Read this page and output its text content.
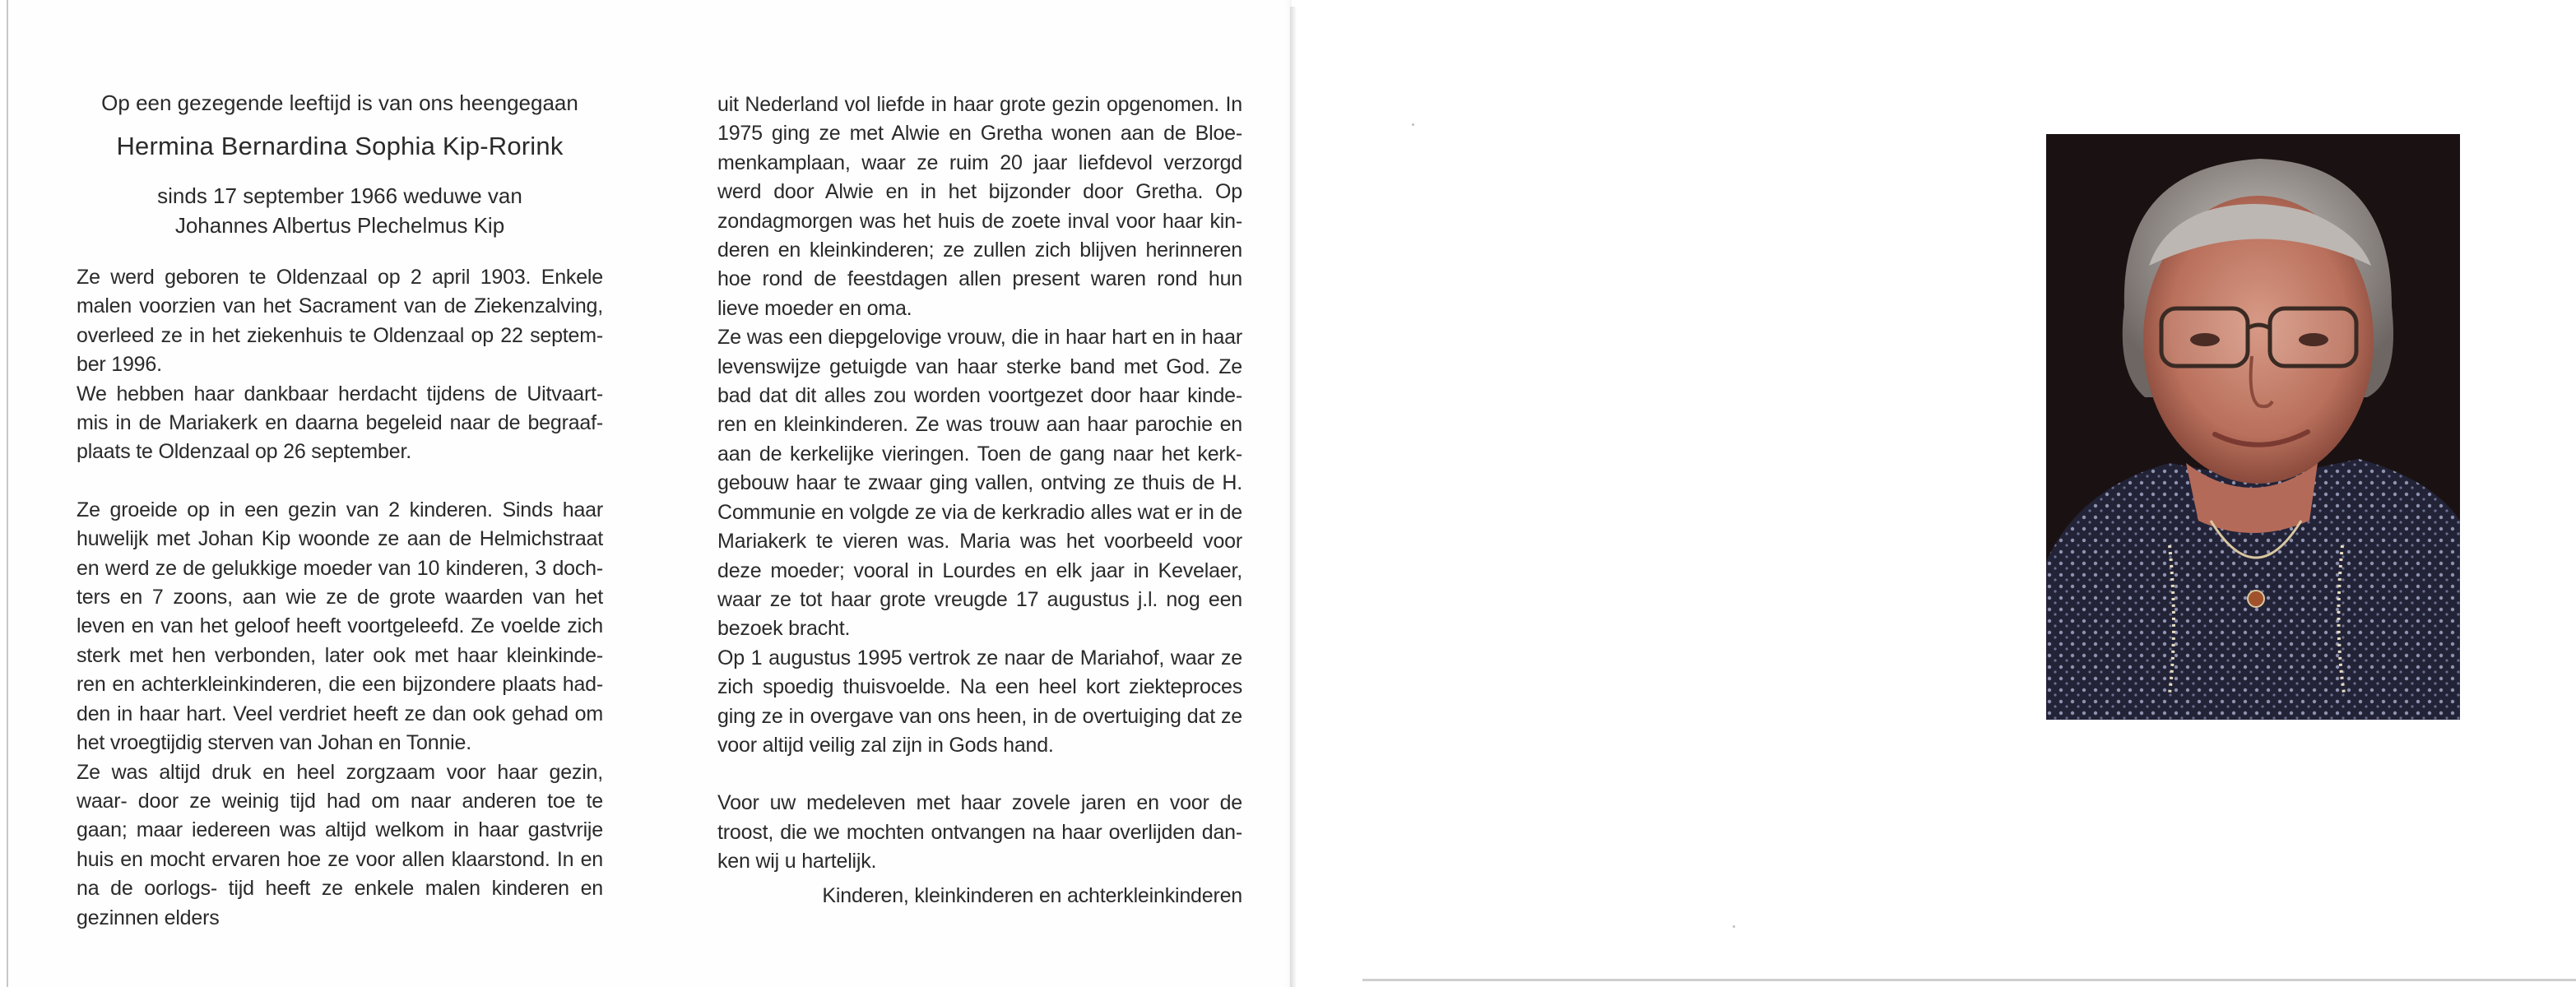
Op een gezegende leeftijd is van ons heengegaan
Hermina Bernardina Sophia Kip-Rorink
sinds 17 september 1966 weduwe van
Johannes Albertus Plechelmus Kip

Ze werd geboren te Oldenzaal op 2 april 1903. Enkele malen voorzien van het Sacrament van de Ziekenzalving, overleed ze in het ziekenhuis te Oldenzaal op 22 septem- ber 1996.

We hebben haar dankbaar herdacht tijdens de Uitvaart- mis in de Mariakerk en daarna begeleid naar de begraaf- plaats te Oldenzaal op 26 september.

Ze groeide op in een gezin van 2 kinderen. Sinds haar huwelijk met Johan Kip woonde ze aan de Helmichstraat en werd ze de gelukkige moeder van 10 kinderen, 3 doch- ters en 7 zoons, aan wie ze de grote waarden van het leven en van het geloof heeft voortgeleefd. Ze voelde zich sterk met hen verbonden, later ook met haar kleinkinde- ren en achterkleinkinderen, die een bijzondere plaats had- den in haar hart. Veel verdriet heeft ze dan ook gehad om het vroegtijdig sterven van Johan en Tonnie.

Ze was altijd druk en heel zorgzaam voor haar gezin, waar- door ze weinig tijd had om naar anderen toe te gaan; maar iedereen was altijd welkom in haar gastvrije huis en mocht ervaren hoe ze voor allen klaarstond. In en na de oorlogs- tijd heeft ze enkele malen kinderen en gezinnen elders

uit Nederland vol liefde in haar grote gezin opgenomen. In 1975 ging ze met Alwie en Gretha wonen aan de Bloe- menkamplaan, waar ze ruim 20 jaar liefdevol verzorgd werd door Alwie en in het bijzonder door Gretha. Op zondagmorgen was het huis de zoete inval voor haar kin- deren en kleinkinderen; ze zullen zich blijven herinneren hoe rond de feestdagen allen present waren rond hun lieve moeder en oma.

Ze was een diepgelovige vrouw, die in haar hart en in haar levenswijze getuigde van haar sterke band met God. Ze bad dat dit alles zou worden voortgezet door haar kinde- ren en kleinkinderen. Ze was trouw aan haar parochie en aan de kerkelijke vieringen. Toen de gang naar het kerk- gebouw haar te zwaar ging vallen, ontving ze thuis de H. Communie en volgde ze via de kerkradio alles wat er in de Mariakerk te vieren was. Maria was het voorbeeld voor deze moeder; vooral in Lourdes en elk jaar in Kevelaer, waar ze tot haar grote vreugde 17 augustus j.l. nog een bezoek bracht.

Op 1 augustus 1995 vertrok ze naar de Mariahof, waar ze zich spoedig thuisvoelde. Na een heel kort ziekteproces ging ze in overgave van ons heen, in de overtuiging dat ze voor altijd veilig zal zijn in Gods hand.

Voor uw medeleven met haar zovele jaren en voor de troost, die we mochten ontvangen na haar overlijden dan- ken wij u hartelijk.

Kinderen, kleinkinderen en achterkleinkinderen
